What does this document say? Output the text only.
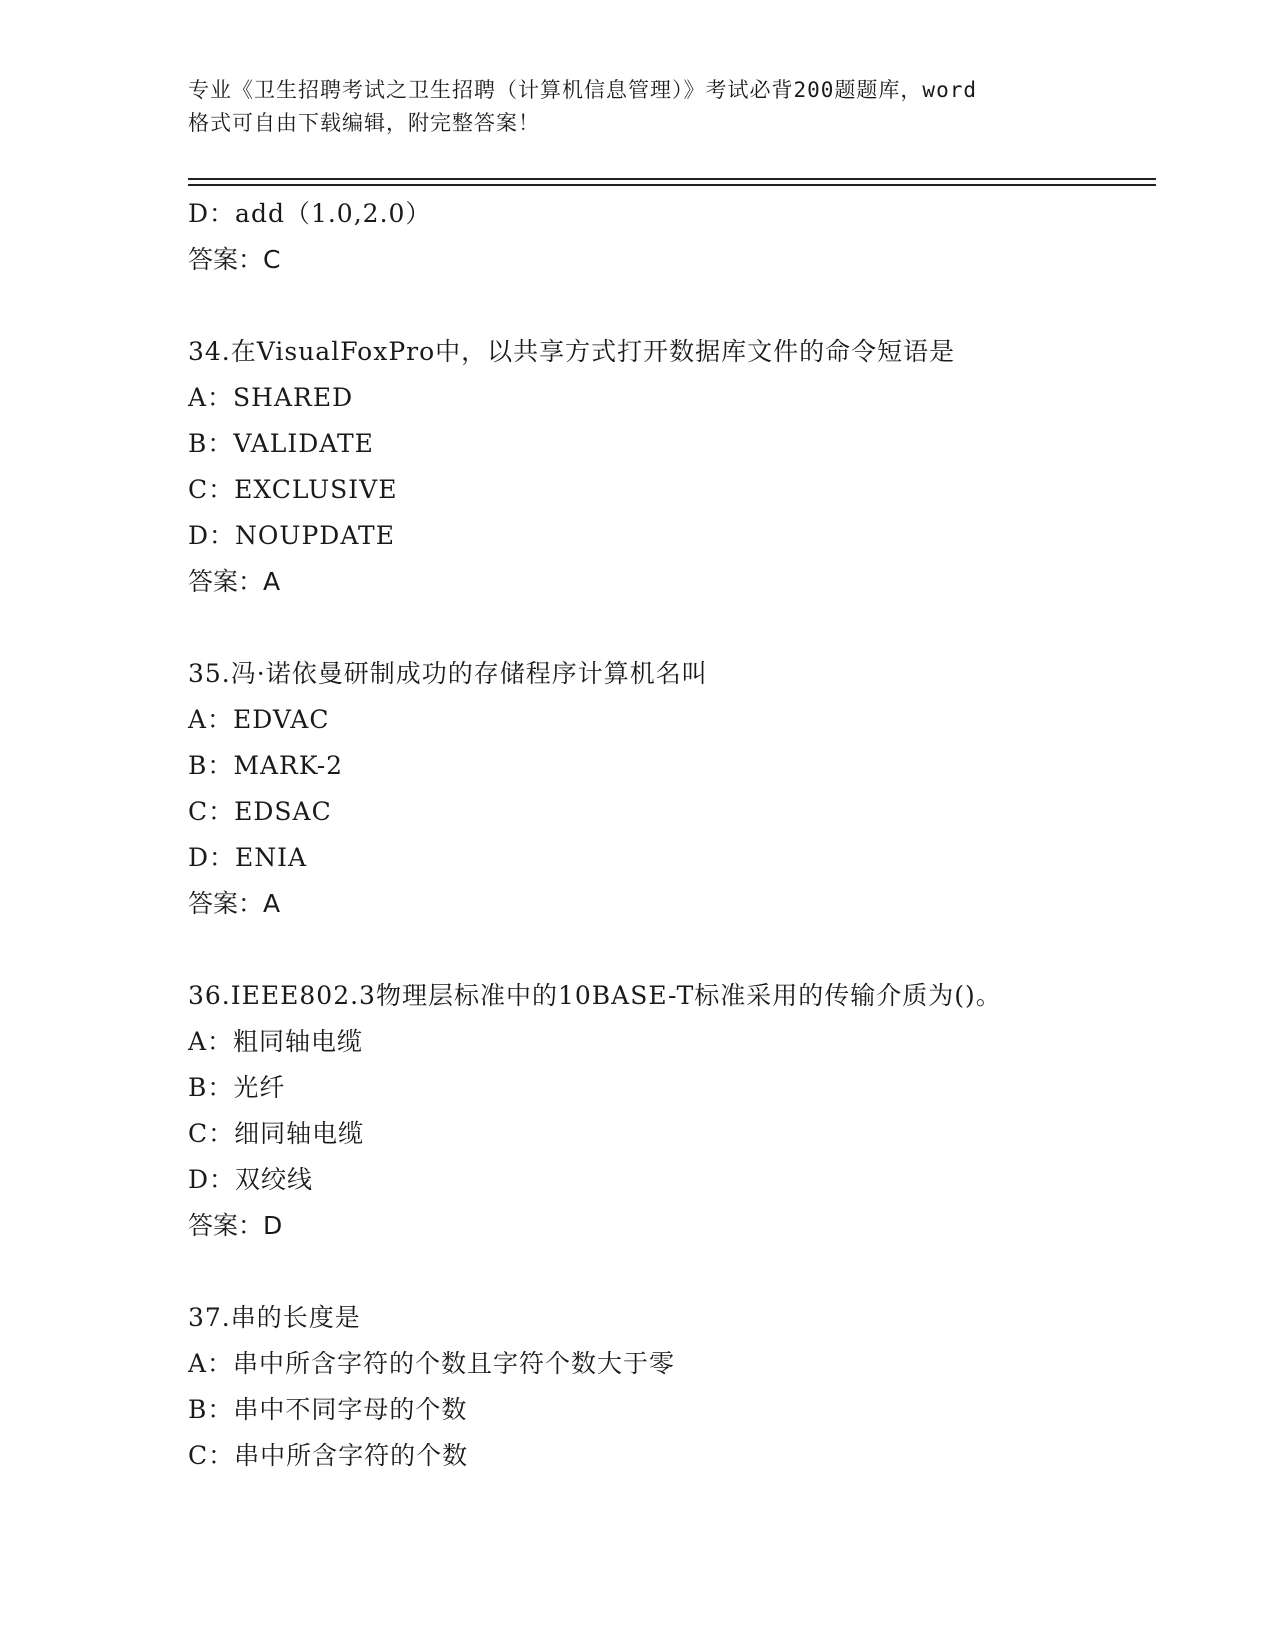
专业《卫生招聘考试之卫生招聘（计算机信息管理）》考试必背200题题库，word
格式可自由下载编辑，附完整答案！
D：add（1.0,2.0）
答案：C
34.在VisualFoxPro中，以共享方式打开数据库文件的命令短语是
A：SHARED
B：VALIDATE
C：EXCLUSIVE
D：NOUPDATE
答案：A
35.冯·诺依曼研制成功的存储程序计算机名叫
A：EDVAC
B：MARK-2
C：EDSAC
D：ENIA
答案：A
36.IEEE802.3物理层标准中的10BASE-T标准采用的传输介质为()。
A：粗同轴电缆
B：光纤
C：细同轴电缆
D：双绞线
答案：D
37.串的长度是
A：串中所含字符的个数且字符个数大于零
B：串中不同字母的个数
C：串中所含字符的个数
